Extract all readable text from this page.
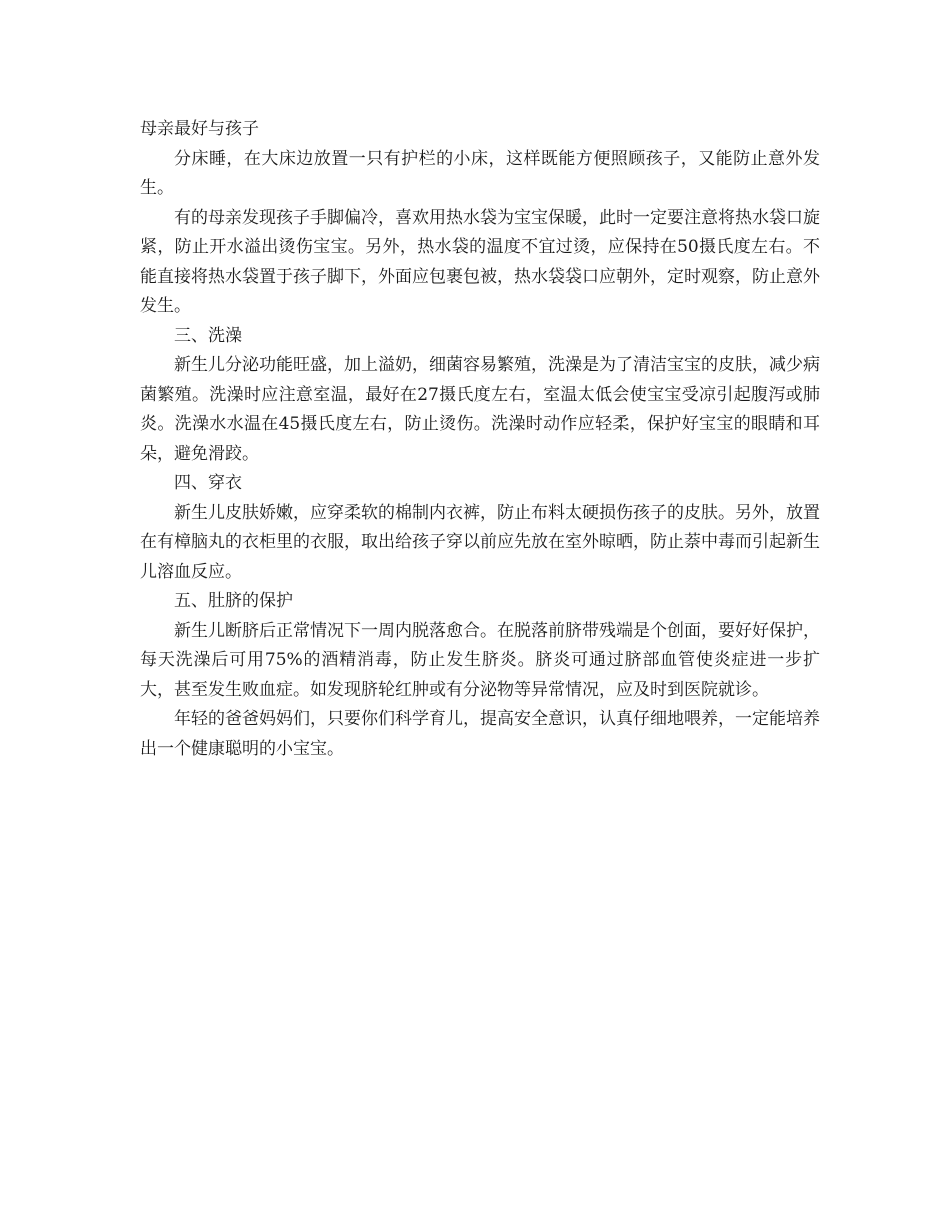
母亲最好与孩子

分床睡，在大床边放置一只有护栏的小床，这样既能方便照顾孩子，又能防止意外发生。

有的母亲发现孩子手脚偏冷，喜欢用热水袋为宝宝保暖，此时一定要注意将热水袋口旋紧，防止开水溢出烫伤宝宝。另外，热水袋的温度不宜过烫，应保持在50摄氏度左右。不能直接将热水袋置于孩子脚下，外面应包裹包被，热水袋袋口应朝外，定时观察，防止意外发生。

三、洗澡

新生儿分泌功能旺盛，加上溢奶，细菌容易繁殖，洗澡是为了清洁宝宝的皮肤，减少病菌繁殖。洗澡时应注意室温，最好在27摄氏度左右，室温太低会使宝宝受凉引起腹泻或肺炎。洗澡水水温在45摄氏度左右，防止烫伤。洗澡时动作应轻柔，保护好宝宝的眼睛和耳朵，避免滑跤。

四、穿衣

新生儿皮肤娇嫩，应穿柔软的棉制内衣裤，防止布料太硬损伤孩子的皮肤。另外，放置在有樟脑丸的衣柜里的衣服，取出给孩子穿以前应先放在室外晾晒，防止萘中毒而引起新生儿溶血反应。

五、肚脐的保护

新生儿断脐后正常情况下一周内脱落愈合。在脱落前脐带残端是个创面，要好好保护，每天洗澡后可用75%的酒精消毒，防止发生脐炎。脐炎可通过脐部血管使炎症进一步扩大，甚至发生败血症。如发现脐轮红肿或有分泌物等异常情况，应及时到医院就诊。

年轻的爸爸妈妈们，只要你们科学育儿，提高安全意识，认真仔细地喂养，一定能培养出一个健康聪明的小宝宝。
